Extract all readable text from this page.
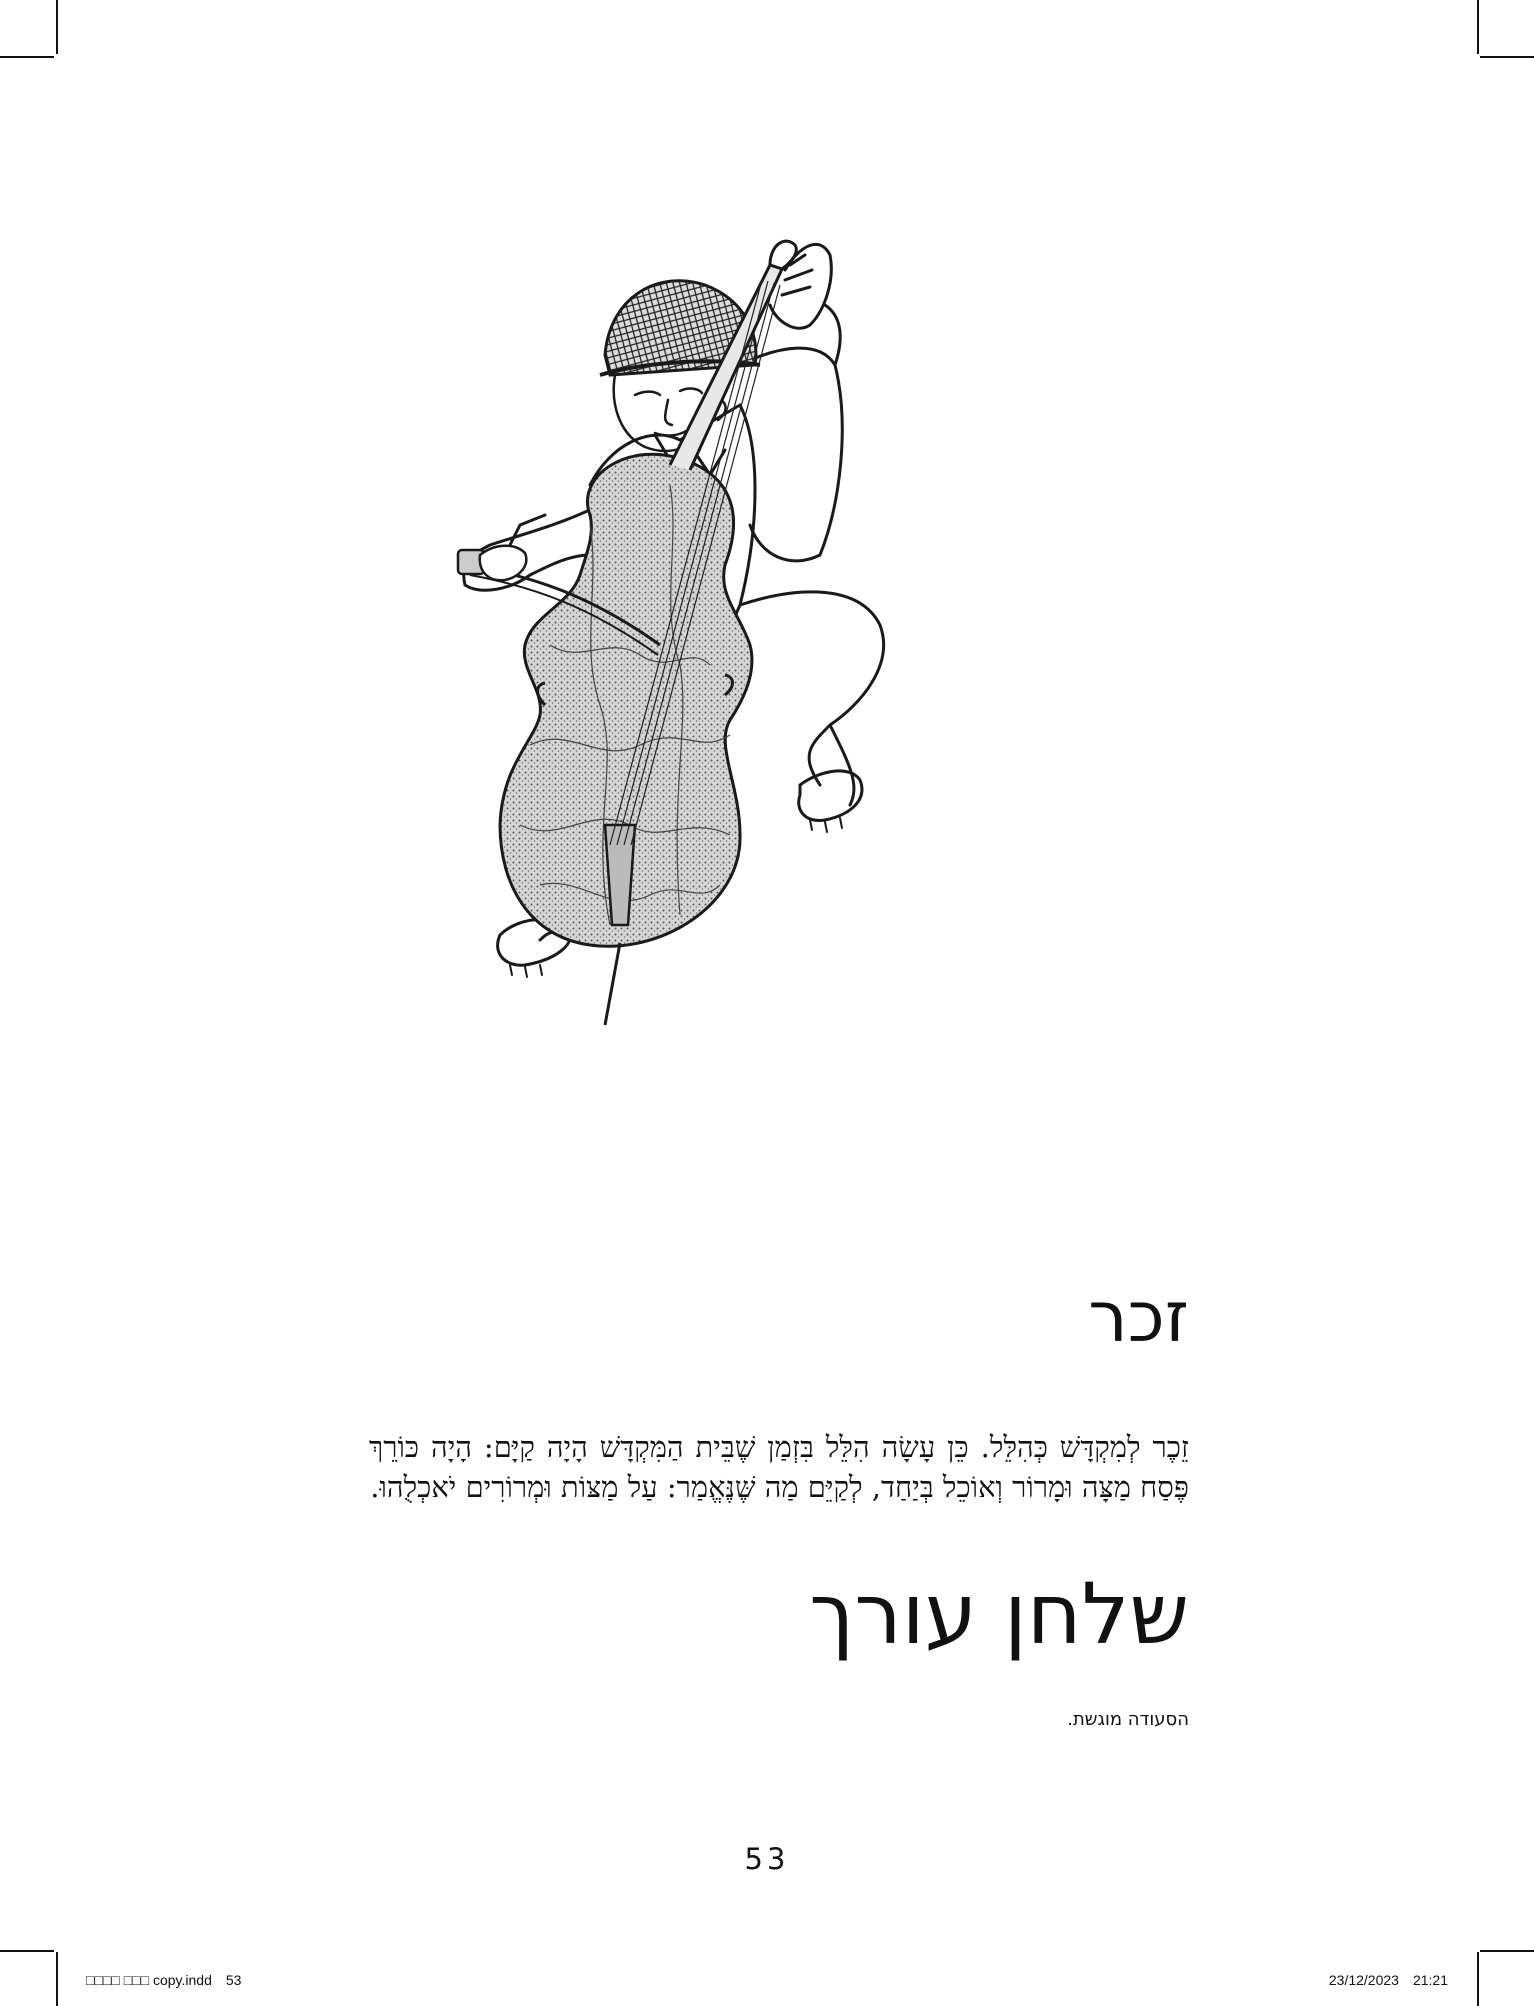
זכר

זֵכֶר לְמִקְדָּשׁ כְּהִלֵּל. כֵּן עָשָׂה הִלֵּל בִּזְמַן שֶׁבֵּית הַמִּקְדָּשׁ הָיָה קַיָּם: הָיָה כּוֹרֵךְ פֶּסַח מַצָּה וּמָרוֹר וְאוֹכֵל בְּיַחַד, לְקַיֵּם מַה שֶּׁנֶּאֱמַר: עַל מַצּוֹת וּמְרוֹרִים יֹאכְלֻהוּ.

שלחן עורך
הסעודה מוגשת.
53
□□□□ □□□ copy.indd 53	23/12/2023 21:21
